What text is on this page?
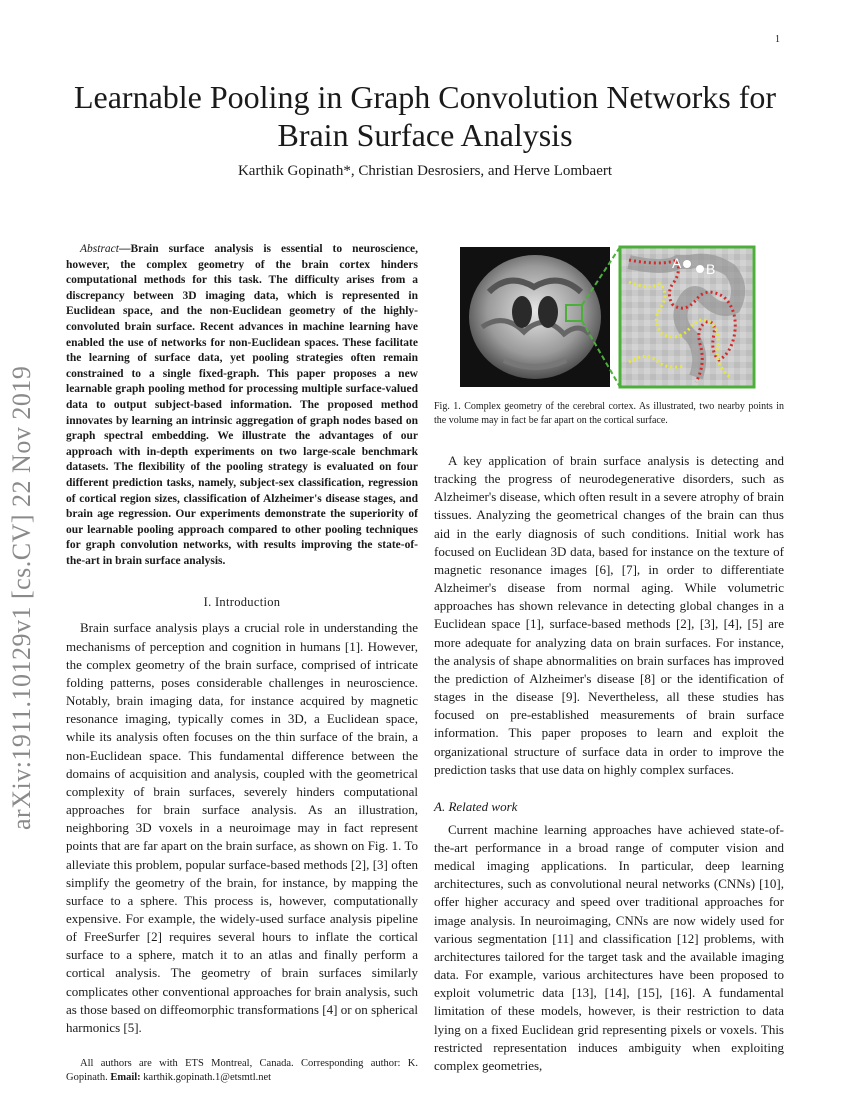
1
arXiv:1911.10129v1 [cs.CV] 22 Nov 2019
Learnable Pooling in Graph Convolution Networks for Brain Surface Analysis
Karthik Gopinath*, Christian Desrosiers, and Herve Lombaert

Abstract—Brain surface analysis is essential to neuroscience, however, the complex geometry of the brain cortex hinders computational methods for this task. The difficulty arises from a discrepancy between 3D imaging data, which is represented in Euclidean space, and the non-Euclidean geometry of the highly-convoluted brain surface. Recent advances in machine learning have enabled the use of networks for non-Euclidean spaces. These facilitate the learning of surface data, yet pooling strategies often remain constrained to a single fixed-graph. This paper proposes a new learnable graph pooling method for processing multiple surface-valued data to output subject-based information. The proposed method innovates by learning an intrinsic aggregation of graph nodes based on graph spectral embedding. We illustrate the advantages of our approach with in-depth experiments on two large-scale benchmark datasets. The flexibility of the pooling strategy is evaluated on four different prediction tasks, namely, subject-sex classification, regression of cortical region sizes, classification of Alzheimer's disease stages, and brain age regression. Our experiments demonstrate the superiority of our learnable pooling approach compared to other pooling techniques for graph convolution networks, with results improving the state-of-the-art in brain surface analysis.

I. Introduction

Brain surface analysis plays a crucial role in understanding the mechanisms of perception and cognition in humans [1]. However, the complex geometry of the brain surface, comprised of intricate folding patterns, poses considerable challenges in neuroscience. Notably, brain imaging data, for instance acquired by magnetic resonance imaging, typically comes in 3D, a Euclidean space, while its analysis often focuses on the thin surface of the brain, a non-Euclidean space. This fundamental difference between the domains of acquisition and analysis, coupled with the geometrical complexity of brain surfaces, severely hinders computational approaches for brain surface analysis. As an illustration, neighboring 3D voxels in a neuroimage may in fact represent points that are far apart on the brain surface, as shown on Fig. 1. To alleviate this problem, popular surface-based methods [2], [3] often simplify the geometry of the brain, for instance, by mapping the surface to a sphere. This process is, however, computationally expensive. For example, the widely-used surface analysis pipeline of FreeSurfer [2] requires several hours to inflate the cortical surface to a sphere, match it to an atlas and finally perform a cortical analysis. The geometry of brain surfaces similarly complicates other conventional approaches for brain analysis, such as those based on diffeomorphic transformations [4] or on spherical harmonics [5].

All authors are with ETS Montreal, Canada. Corresponding author: K. Gopinath. Email: karthik.gopinath.1@etsmtl.net

A B

Fig. 1. Complex geometry of the cerebral cortex. As illustrated, two nearby points in the volume may in fact be far apart on the cortical surface.

A key application of brain surface analysis is detecting and tracking the progress of neurodegenerative disorders, such as Alzheimer's disease, which often result in a severe atrophy of brain tissues. Analyzing the geometrical changes of the brain can thus aid in the early diagnosis of such conditions. Initial work has focused on Euclidean 3D data, based for instance on the texture of magnetic resonance images [6], [7], in order to differentiate Alzheimer's disease from normal aging. While volumetric approaches has shown relevance in detecting global changes in a Euclidean space [1], surface-based methods [2], [3], [4], [5] are more adequate for analyzing data on brain surfaces. For instance, the analysis of shape abnormalities on brain surfaces has improved the prediction of Alzheimer's disease [8] or the identification of stages in the disease [9]. Nevertheless, all these studies has focused on pre-established measurements of brain surface information. This paper proposes to learn and exploit the organizational structure of surface data in order to improve the prediction tasks that use data on highly complex surfaces.

A. Related work

Current machine learning approaches have achieved state-of-the-art performance in a broad range of computer vision and medical imaging applications. In particular, deep learning architectures, such as convolutional neural networks (CNNs) [10], offer higher accuracy and speed over traditional approaches for image analysis. In neuroimaging, CNNs are now widely used for various segmentation [11] and classification [12] problems, with architectures tailored for the target task and the available imaging data. For example, various architectures have been proposed to exploit volumetric data [13], [14], [15], [16]. A fundamental limitation of these models, however, is their restriction to data lying on a fixed Euclidean grid representing pixels or voxels. This restricted representation induces ambiguity when exploiting complex geometries,
